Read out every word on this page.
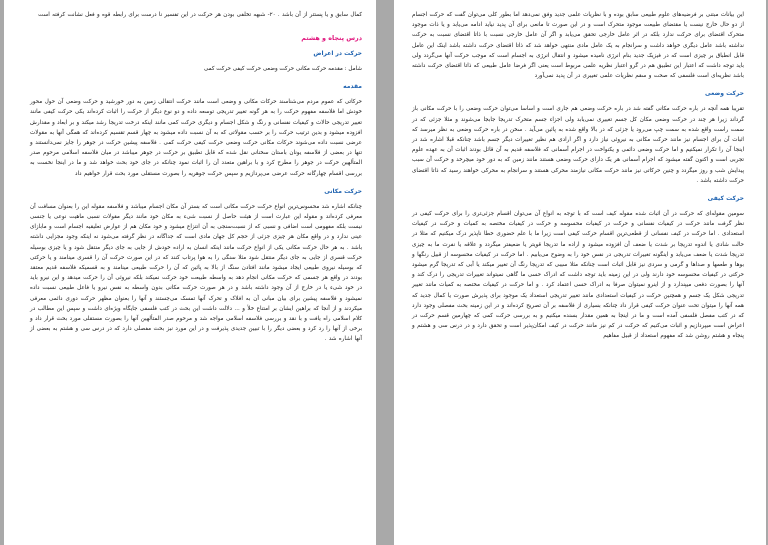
کمال سابق و یا پستتر از آن باشد . ۲۰- شبهه تخلفی بودن هر حرکت در این تفسیر نا درست برای رابطه قوه و فعل نشانت کرفته است
درس پنجاه و هشتم
حرکت در اعراض
شامل : مقدمه حرکت مکانی حرکت وضعی حرکت کیفی حرکت کمی
مقدمه
حرکاتی که عموم مردم می‌شناسند حرکات مکانی و وضعی است مانند حرکت انتقالی زمین به دور خورشید و حرکت وضعی آن حول محور خودش اما فلاسفه مفهوم حرکت را به هر گونه تغییر تدریجی توسعه داده و دو نوع دیگر از حرکت را اثبات کرده‌اند یکی حرکت کیفی مانند تغییر تدریجی حالات و کیفیات نفسانی و رنگ و شکل اجسام و دیگری حرکت کمی مانند اینکه درخت تدریجا رشد میکند و بر ابعاد و مقدارش افزوده میشود و بدین ترتیب حرکت را بر حسب مقولاتی که به آن نسبت داده میشود به چهار قسم تقسیم کرده‌اند که همگی آنها به مقولات عرضی نسبت داده می‌شوند حرکات مکانی حرکت وضعی حرکت کیفی حرکت کمی . فلاسفه پیشین حرکت در جوهر را جایز نمی‌دانستند و تنها در بعضی از فلاسفه یونان باستان سخنانی نقل شده که قابل تطبیق بر حرکت در جوهر میباشد در میان فلاسفه اسلامی مرحوم صدر المتألهین حرکت در جوهر را مطرح کرد و با براهین متعدد آن را اثبات نمود چنانکه در جای خود بحث خواهد شد و ما در اینجا نخست به بررسی اقسام چهارگانه حرکت عرضی می‌پردازیم و سپس حرکت جوهریه را بصورت مستقلی مورد بحث قرار خواهیم داد
حرکت مکانی
چنانکه اشاره شد محسوس‌ترین انواع حرکت حرکت مکانی است که بستر آن مکان اجسام میباشد و فلاسفه مقوله این را بعنوان مسافت آن معرفی کرده‌اند و مقوله این عبارت است از هیئت حاصل از نسبت شیء به مکان خود مانند دیگر مقولات نسبی ماهیت نوعی یا جنسی نیست بلکه مفهومی است اضافی و نسبی که از نسبت‌سنجی به آن انتزاع میشود و خود مکان هم از عوارض تعلیقیه اجسام است و مابازای عینی ندارد و در واقع مکان هر چیزی جزئی از حجم کل جهان مادی است که جداگانه در نظر گرفته می‌شود نه اینکه وجود مجزایی داشته باشد . به هر حال حرکت مکانی یکی از انواع حرکت مانند اینکه انسان به اراده خودش از جایی به جای دیگر منتقل شود و یا چیزی بوسیله حرکت قسری از جایی به جای دیگر منتقل شود مثلا سنگی را به هوا پرتاب کنند که در این صورت حرکت آن را قسری مینامند و یا حرکتی که بوسیله نیروی طبیعی ایجاد میشود مانند افتادن سنگ از بالا به پائین که آن را حرکت طبیعی مینامند و به قسمیکه فلاسفه قدیم معتقد بودند در واقع هر جسمی که حرکت مکانی انجام دهد به واسطه طبیعت خود حرکت نمیکند بلکه نیروئی آن را حرکت میدهد و این نیرو باید در خود شیء یا در خارج از آن وجود داشته باشد و در هر صورت حرکت مکانی بدون واسطه به نفس نیرو یا فاعل طبیعی نسبت داده نمیشود و فلاسفه پیشین برای بیان مبانی آن به افلاک و تحرک آنها تمسک می‌جستند و آنها را بعنوان مظهر حرکت دوری دائمی معرفی میکردند و از آنجا که براهین ایشان بر امتناع خلأ و ... دلالت داشت این بحث در کتب فلسفی جایگاه ویژه‌ای داشت و سپس این مطالب در کلام اسلامی راه یافت و با نقد و بررسی فلاسفه اسلامی مواجه شد و مرحوم صدر المتألهین آنها را بصورت مستقلی مورد بحث قرار داد و برخی از آنها را رد کرد و بعضی دیگر را با تبیین جدیدی پذیرفت و در این مورد نیز بحث مفصلی دارد که در درس سی و هشتم به بعضی از آنها اشاره شد .
این بیانات مبتنی بر فرضیه‌های علوم طبیعی سابق بوده و با نظریات علمی جدید وفق نمی‌دهد اما بطور کلی می‌توان گفت که حرکت اجسام از دو حال خارج نیست یا مقتضای طبیعت موجود متحرک است و در این صورت تا مانعی برای آن پدید نیاید ادامه می‌یابد و یا ذات موجود متحرک اقتضای برای حرکت ندارد بلکه در اثر عامل خارجی تحقق می‌یابد و اگر آن عامل خارجی نسبت با ذاتا اقتضای نسبت به حرکت نداشته باشد عامل دیگری خواهد داشت و سرانجام به یک عامل مادی منتهی خواهد شد که ذاتا اقتضای حرکت داشته باشد اینک این عامل قابل انطباق بر چیزی است که در فیزیک جدید بنام انرژی نامیده میشود و انتقال انرژی به اجسام است که موجب حرکت آنها می‌گردد ولی باید توجه داشت که اعتبار این تطبیق هم در گرو اعتبار نظریه علمی مربوط است یعنی اگر فرضا عامل طبیعی که ذاتا اقتضای حرکت داشته باشد نظریه‌ای است فلسفی که صحت و سقم نظریات علمی تغییری در آن پدید نمی‌آورد
حرکت وضعی
تقریبا همه آنچه در باره حرکت مکانی گفته شد در باره حرکت وضعی هم جاری است و اساسا می‌توان حرکت وضعی را با حرکت مکانی باز گرداند زیرا هر چند در حرکت وضعی مکان کل جسم تغییری نمی‌یابد ولی اجزاء جسم متحرک تدریجا جابجا می‌شوند و مثلا جزئی که در سمت راست واقع شده به سمت چپ می‌رود یا جزئی که در بالا واقع شده به پائین می‌آید . سخن در باره حرکت وضعی به نظر میرسد که اثبات آن برای اجسام نیز مانند حرکت مکانی به نیروئی نیاز دارد و اگر ارادی هم نظیر تغییرات دیگر جسم باشد چنانکه قبلا اشاره شد در اینجا آن را تکرار نمیکنیم و اما حرکت وضعی دائمی و یکنواخت در اجرام آسمانی که فلاسفه قدیم به آن قائل بودند اثبات آن به عهده علوم تجربی است و اکنون گفته میشود که اجرام آسمانی هر یک دارای حرکت وضعی هستند مانند زمین که به دور خود میچرخد و حرکت آن سبب پیدایش شب و روز میگردد و چنین حرکاتی نیز مانند حرکت مکانی نیازمند محرکی هستند و سرانجام به محرکی خواهند رسید که ذاتا اقتضای حرکت داشته باشد .
حرکت کیفی
سومین مقوله‌ای که حرکت در آن اثبات شده مقوله کیف است که با توجه به انواع آن می‌توان اقسام جزئی‌تری را برای حرکت کیفی در نظر گرفت مانند حرکت در کیفیات نفسانی و حرکت در کیفیات محسوسه و حرکت در کیفیات مختصه به کمیات و حرکت در کیفیات استعدادی . اما حرکت در کیف نفسانی از قطعی‌ترین اقسام حرکت کیفی است زیرا ما با علم حضوری خطا ناپذیر درک میکنیم که مثلا در حالت شادی یا اندوه تدریجا بر شدت یا ضعف آن افزوده میشود و اراده ما تدریجا قویتر یا ضعیفتر میگردد و علاقه یا نفرت ما به چیزی تدریجا شدت یا ضعف می‌یابد و اینگونه تغییرات تدریجی در نفس خود را به وضوح می‌یابیم . اما حرکت در کیفیات محسوسه از قبیل رنگها و بوها و طعمها و صداها و گرمی و سردی نیز قابل اثبات است چنانکه مثلا سیبی که تدریجا رنگ آن تغییر میکند یا آبی که تدریجا گرم میشود حرکتی در کیفیات محسوسه خود دارند ولی در این زمینه باید توجه داشت که ادراک حسی ما گاهی نمیتواند تغییرات تدریجی را درک کند و آنها را بصورت دفعی میپندارد و از اینرو نمیتوان صرفا به ادراک حسی اعتماد کرد . و اما حرکت در کیفیات مختصه به کمیات مانند تغییر تدریجی شکل یک جسم و همچنین حرکت در کیفیات استعدادی مانند تغییر تدریجی استعداد یک موجود برای پذیرش صورت یا کمال جدید که همه آنها را میتوان تحت عنوان حرکت کیفی قرار داد چنانکه بسیاری از فلاسفه بر آن تصریح کرده‌اند و در این زمینه بحث مفصلی وجود دارد که در کتب مفصل فلسفی آمده است و ما در اینجا به همین مقدار بسنده میکنیم و به بررسی حرکت کمی که چهارمین قسم حرکت در اعراض است میپردازیم و اثبات می‌کنیم که حرکت در کم نیز مانند حرکت در کیف امکان‌پذیر است و تحقق دارد و در درس سی و هشتم و پنجاه و هشتم روشن شد که مفهوم استعداد از قبیل مفاهیم
